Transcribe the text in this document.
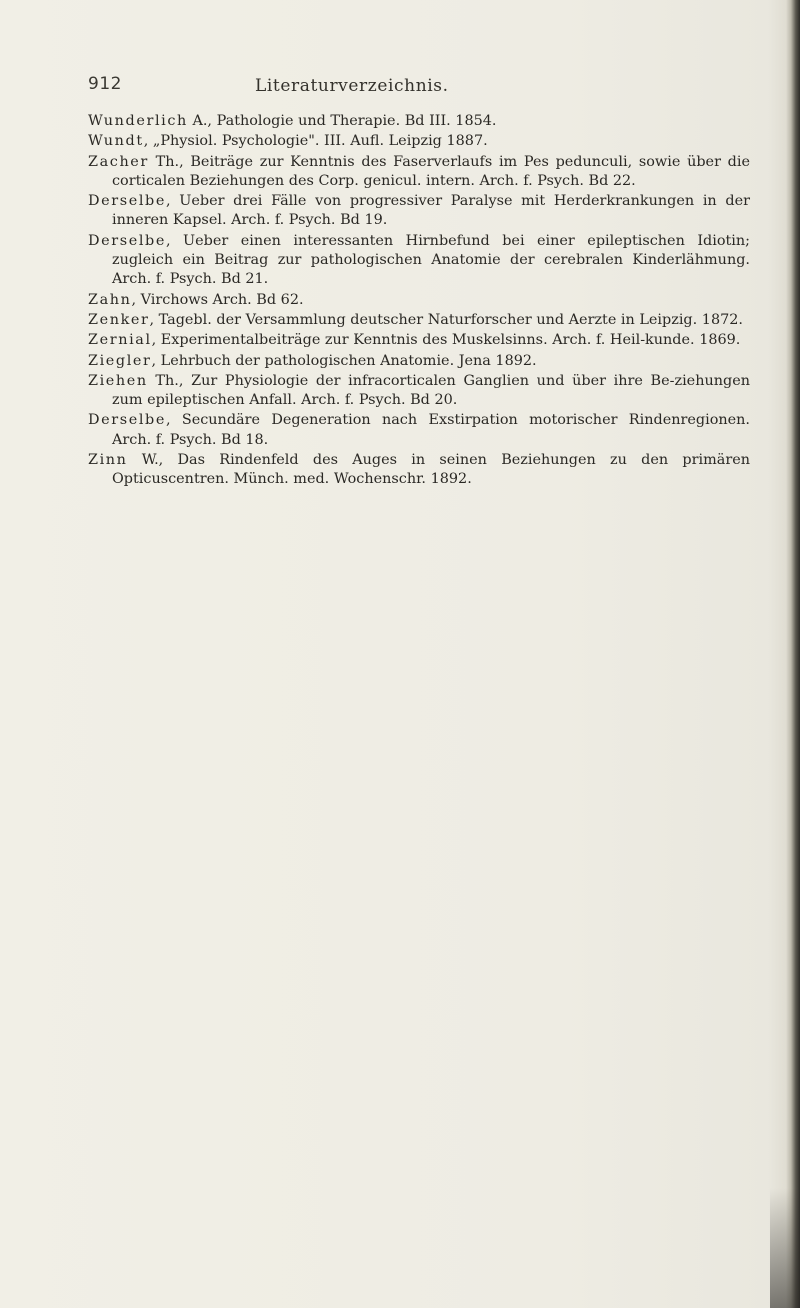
912	Literaturverzeichnis.

Wunderlich A., Pathologie und Therapie. Bd III. 1854.

Wundt, „Physiol. Psychologie". III. Aufl. Leipzig 1887.

Zacher Th., Beiträge zur Kenntnis des Faserverlaufs im Pes pedunculi, sowie über die corticalen Beziehungen des Corp. genicul. intern. Arch. f. Psych. Bd 22.

Derselbe, Ueber drei Fälle von progressiver Paralyse mit Herderkrankungen in der inneren Kapsel. Arch. f. Psych. Bd 19.

Derselbe, Ueber einen interessanten Hirnbefund bei einer epileptischen Idiotin; zugleich ein Beitrag zur pathologischen Anatomie der cerebralen Kinderlähmung. Arch. f. Psych. Bd 21.

Zahn, Virchows Arch. Bd 62.

Zenker, Tagebl. der Versammlung deutscher Naturforscher und Aerzte in Leipzig. 1872.

Zernial, Experimentalbeiträge zur Kenntnis des Muskelsinns. Arch. f. Heil-kunde. 1869.

Ziegler, Lehrbuch der pathologischen Anatomie. Jena 1892.

Ziehen Th., Zur Physiologie der infracorticalen Ganglien und über ihre Be-ziehungen zum epileptischen Anfall. Arch. f. Psych. Bd 20.

Derselbe, Secundäre Degeneration nach Exstirpation motorischer Rindenregionen. Arch. f. Psych. Bd 18.

Zinn W., Das Rindenfeld des Auges in seinen Beziehungen zu den primären Opticuscentren. Münch. med. Wochenschr. 1892.
